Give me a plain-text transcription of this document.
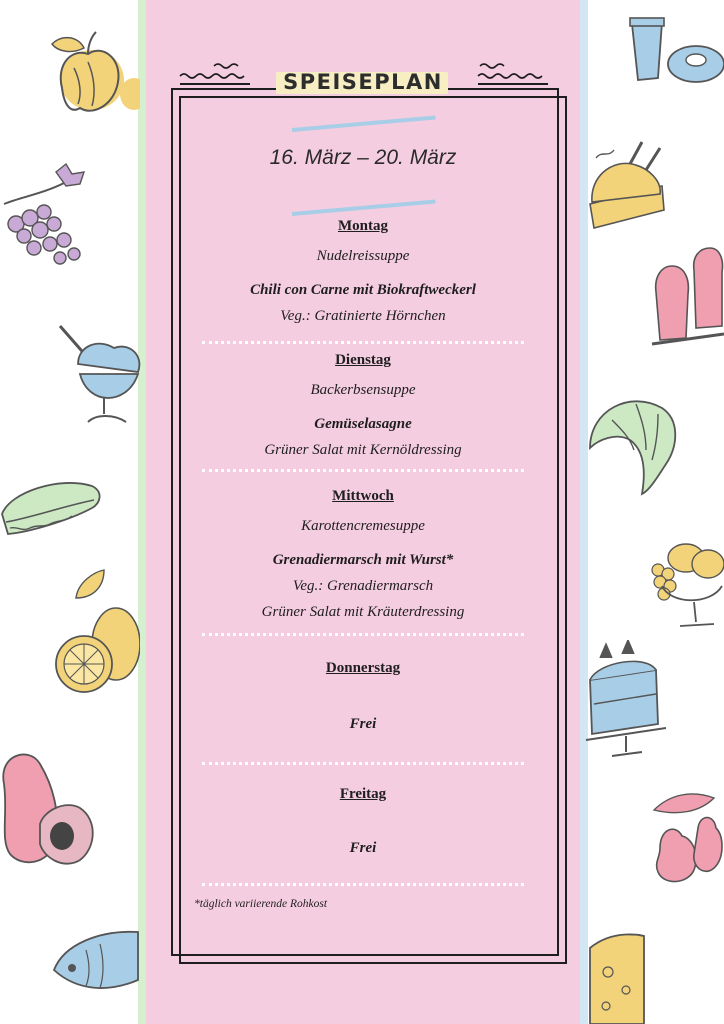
SPEISEPLAN
16. März – 20. März
Montag
Nudelreissuppe
Chili con Carne mit Biokraftweckerl
Veg.: Gratinierte Hörnchen
Dienstag
Backerbsensuppe
Gemüselasagne
Grüner Salat mit Kernöldressing
Mittwoch
Karottencremesuppe
Grenadiermarsch mit Wurst*
Veg.: Grenadiermarsch
Grüner Salat mit Kräuterdressing
Donnerstag
Frei
Freitag
Frei
*täglich variierende Rohkost
